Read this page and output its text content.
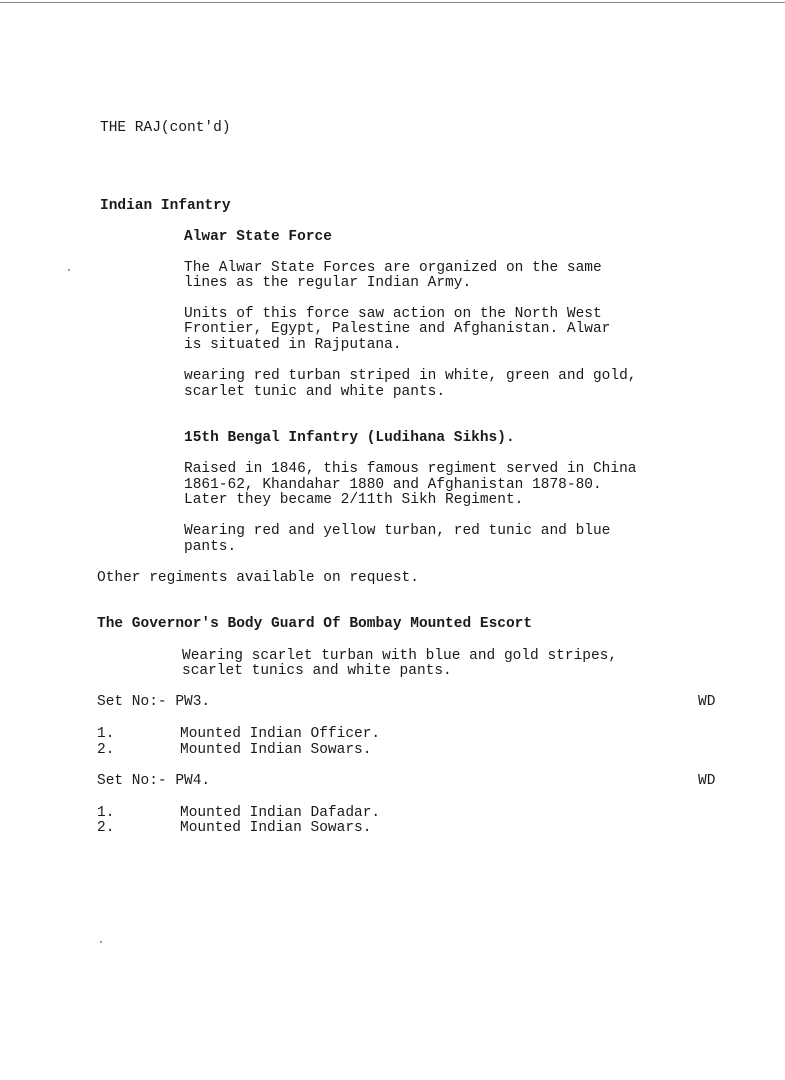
THE RAJ(cont'd)
Indian Infantry
Alwar State Force
The Alwar State Forces are organized on the same
lines as the regular Indian Army.
Units of this force saw action on the North West
Frontier, Egypt, Palestine and Afghanistan. Alwar
is situated in Rajputana.
wearing red turban striped in white, green and gold,
scarlet tunic and white pants.
15th Bengal Infantry (Ludihana Sikhs).
Raised in 1846, this famous regiment served in China
1861-62, Khandahar 1880 and Afghanistan 1878-80.
Later they became 2/11th Sikh Regiment.
Wearing red and yellow turban, red tunic and blue
pants.
Other regiments available on request.
The Governor's Body Guard Of Bombay Mounted Escort
Wearing scarlet turban with blue and gold stripes,
scarlet tunics and white pants.
Set No:- PW3.	WD
1.	Mounted Indian Officer.
2.	Mounted Indian Sowars.
Set No:- PW4.	WD
1.	Mounted Indian Dafadar.
2.	Mounted Indian Sowars.
